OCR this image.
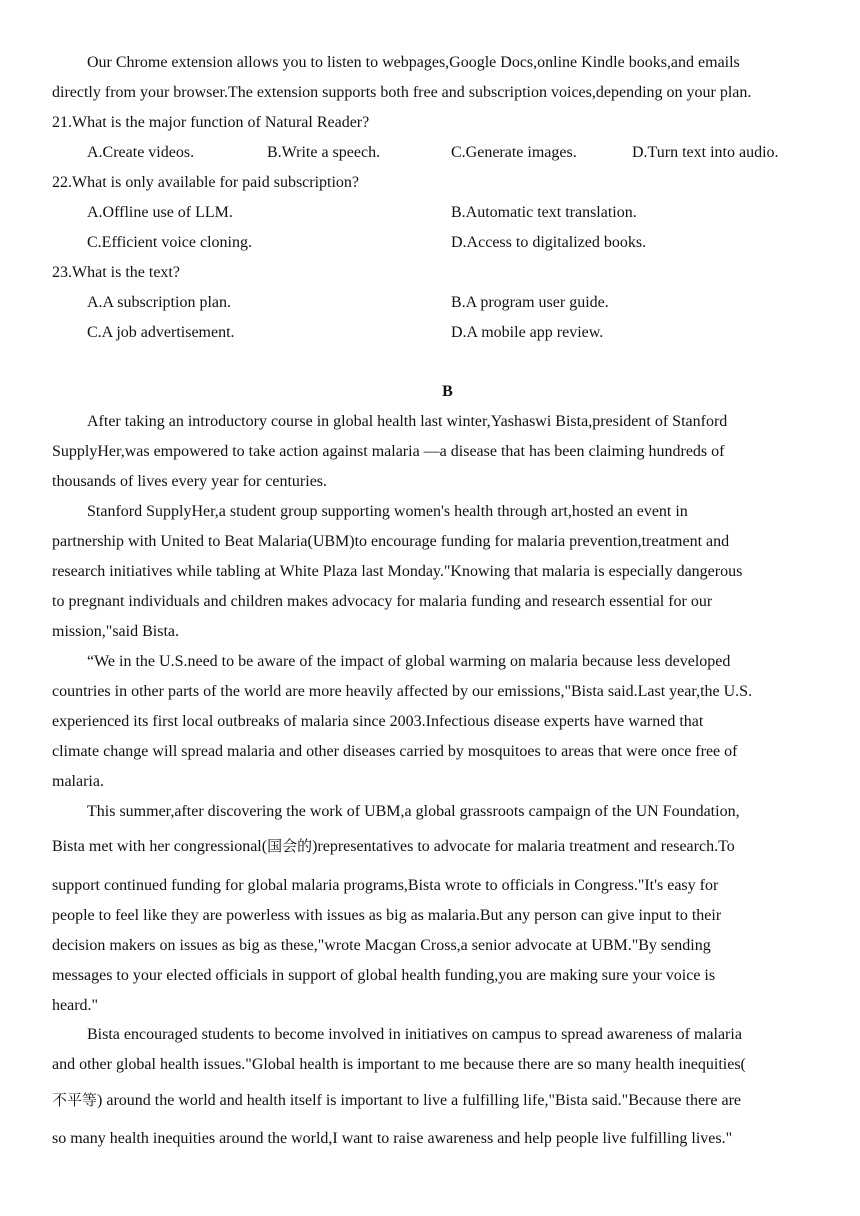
Our Chrome extension allows you to listen to webpages,Google Docs,online Kindle books,and emails
directly from your browser.The extension supports both free and subscription voices,depending on your plan.
21.What is the major function of Natural Reader?
A.Create videos.	B.Write a speech.	C.Generate images.	D.Turn text into audio.
22.What is only available for paid subscription?
A.Offline use of LLM.	B.Automatic text translation.
C.Efficient voice cloning.	D.Access to digitalized books.
23.What is the text?
A.A subscription plan.	B.A program user guide.
C.A job advertisement.	D.A mobile app review.
B
After taking an introductory course in global health last winter,Yashaswi Bista,president of Stanford
SupplyHer,was empowered to take action against malaria —a disease that has been claiming hundreds of
thousands of lives every year for centuries.
Stanford SupplyHer,a student group supporting women's health through art,hosted an event in
partnership with United to Beat Malaria(UBM)to encourage funding for malaria prevention,treatment and
research initiatives while tabling at White Plaza last Monday."Knowing that malaria is especially dangerous
to pregnant individuals and children makes advocacy for malaria funding and research essential for our
mission,"said Bista.
“We in the U.S.need to be aware of the impact of global warming on malaria because less developed
countries in other parts of the world are more heavily affected by our emissions,"Bista said.Last year,the U.S.
experienced its first local outbreaks of malaria since 2003.Infectious disease experts have warned that
climate change will spread malaria and other diseases carried by mosquitoes to areas that were once free of
malaria.
This summer,after discovering the work of UBM,a global grassroots campaign of the UN Foundation,
Bista met with her congressional(国会的)representatives to advocate for malaria treatment and research.To
support continued funding for global malaria programs,Bista wrote to officials in Congress."It's easy for
people to feel like they are powerless with issues as big as malaria.But any person can give input to their
decision makers on issues as big as these,"wrote Macgan Cross,a senior advocate at UBM."By sending
messages to your elected officials in support of global health funding,you are making sure your voice is
heard."
Bista encouraged students to become involved in initiatives on campus to spread awareness of malaria
and other global health issues."Global health is important to me because there are so many health inequities(
不平等) around the world and health itself is important to live a fulfilling life,"Bista said."Because there are
so many health inequities around the world,I want to raise awareness and help people live fulfilling lives."
